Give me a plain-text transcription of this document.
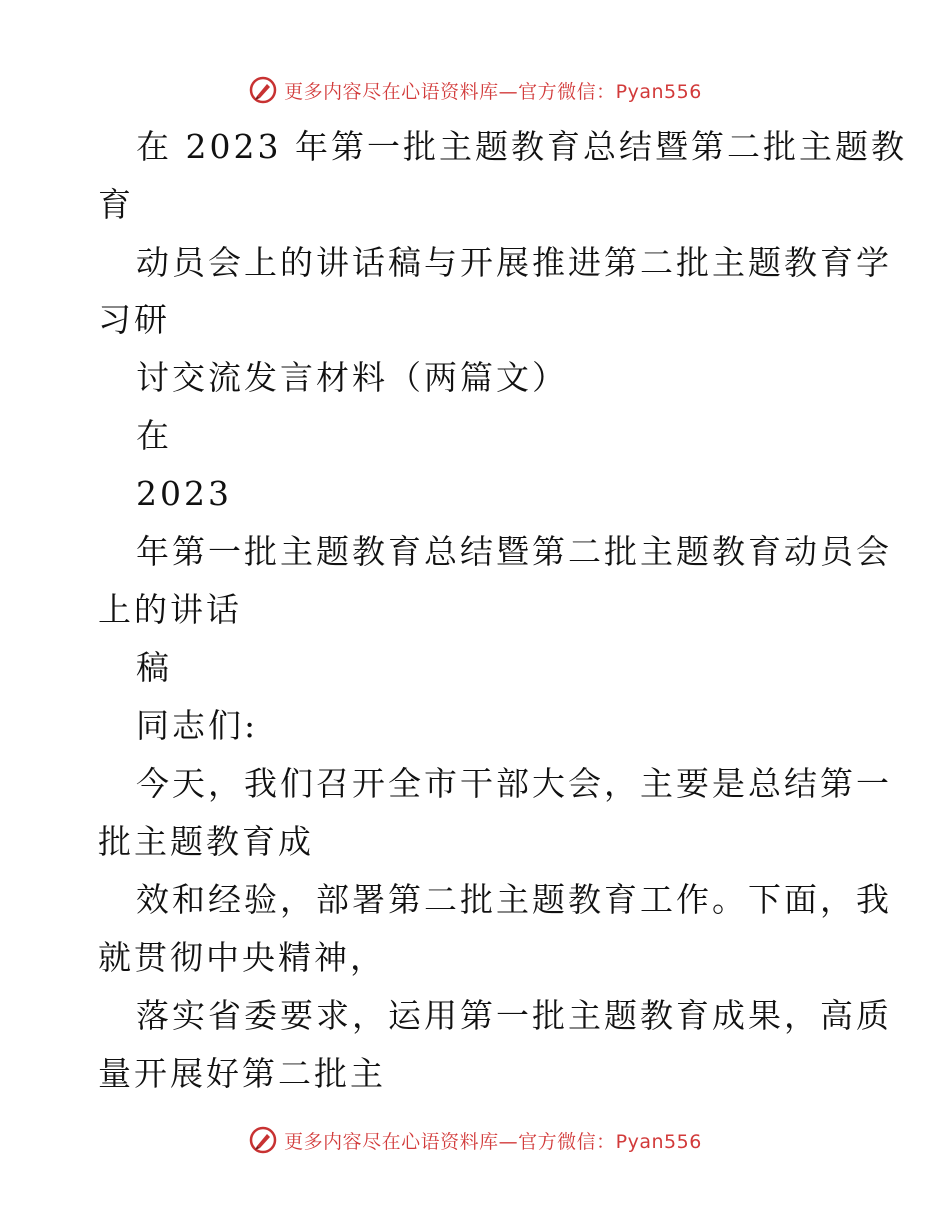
更多内容尽在心语资料库—官方微信：Pyan556
在 2023 年第一批主题教育总结暨第二批主题教
育
动员会上的讲话稿与开展推进第二批主题教育学
习研
讨交流发言材料（两篇文）
在
2023
年第一批主题教育总结暨第二批主题教育动员会
上的讲话
稿
同志们:
今天，我们召开全市干部大会，主要是总结第一
批主题教育成
效和经验，部署第二批主题教育工作。下面，我
就贯彻中央精神，
落实省委要求，运用第一批主题教育成果，高质
量开展好第二批主
更多内容尽在心语资料库—官方微信：Pyan556
